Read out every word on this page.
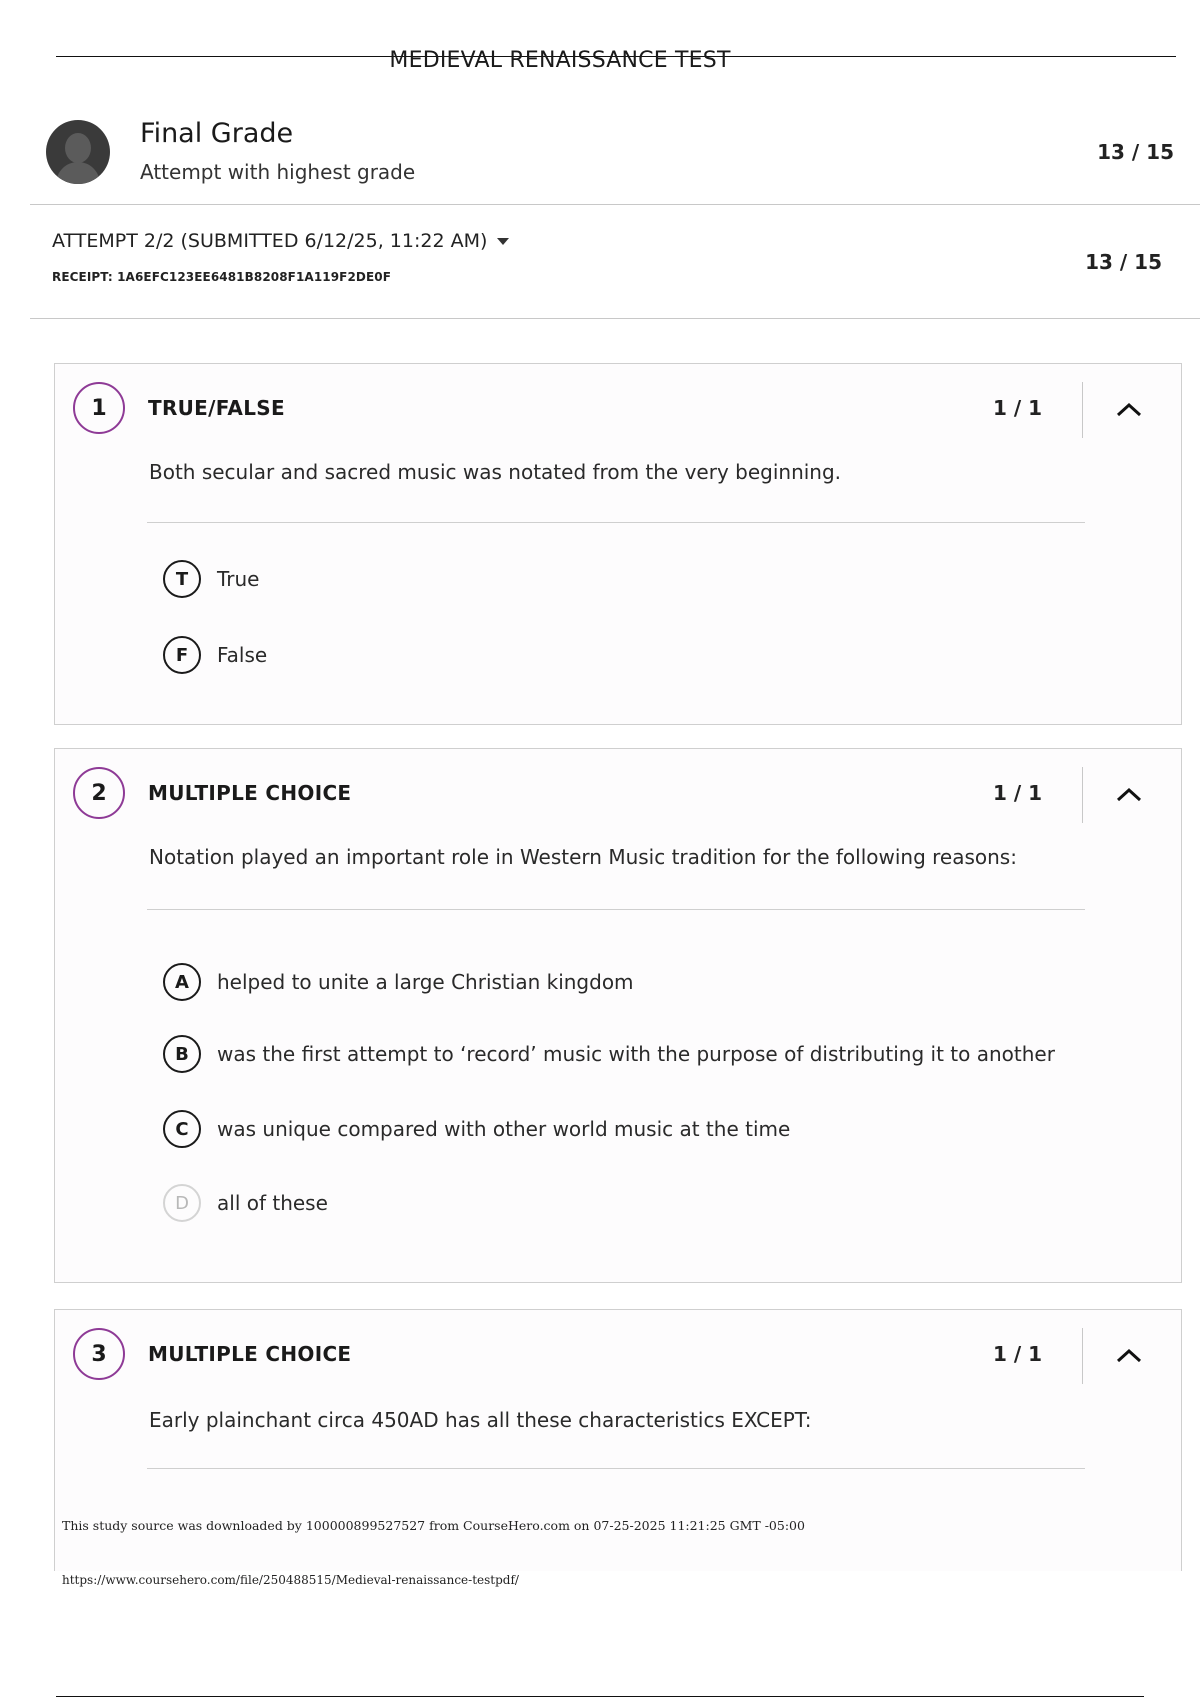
MEDIEVAL RENAISSANCE TEST
Final Grade
Attempt with highest grade
13 / 15
ATTEMPT 2/2 (SUBMITTED 6/12/25, 11:22 AM)
RECEIPT: 1A6EFC123EE6481B8208F1A119F2DE0F
13 / 15
1	TRUE/FALSE	1 / 1
Both secular and sacred music was notated from the very beginning.
T	True
F	False
2	MULTIPLE CHOICE	1 / 1
Notation played an important role in Western Music tradition for the following reasons:
A	helped to unite a large Christian kingdom
B	was the first attempt to ‘record’ music with the purpose of distributing it to another
C	was unique compared with other world music at the time
D	all of these
3	MULTIPLE CHOICE	1 / 1
Early plainchant circa 450AD has all these characteristics EXCEPT:
This study source was downloaded by 100000899527527 from CourseHero.com on 07-25-2025 11:21:25 GMT -05:00
https://www.coursehero.com/file/250488515/Medieval-renaissance-testpdf/
